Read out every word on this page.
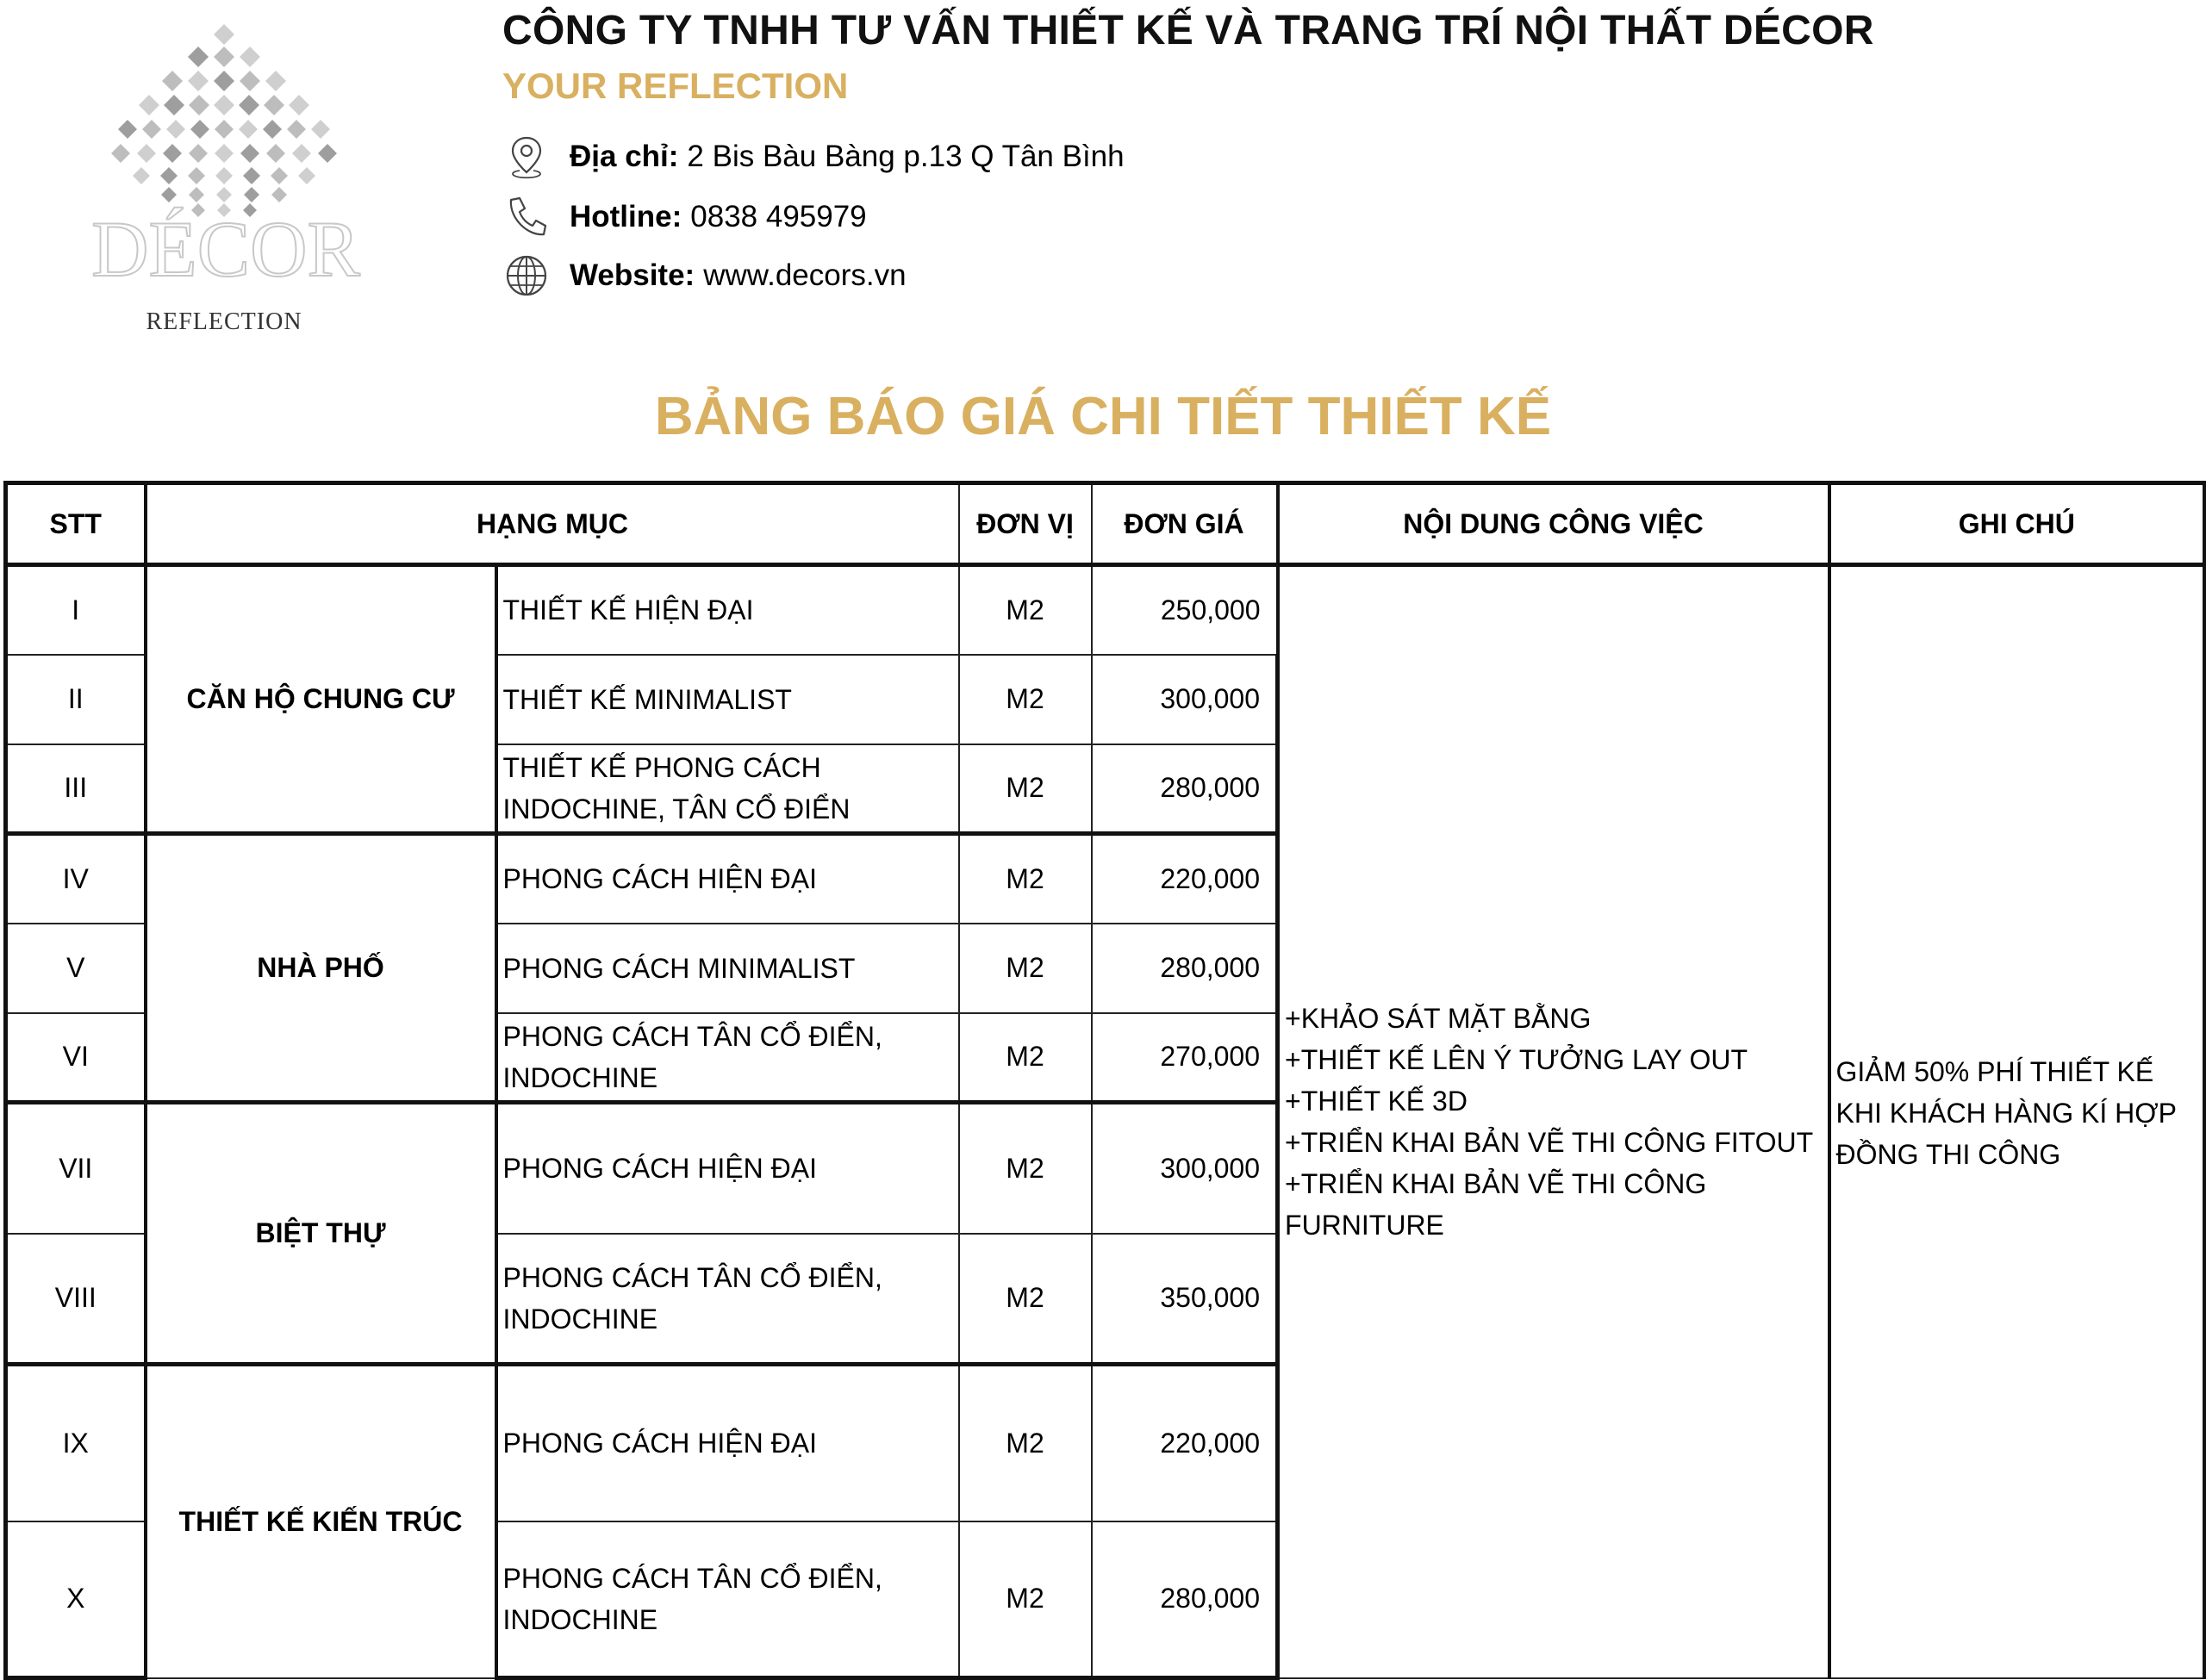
DÉCOR
REFLECTION
CÔNG TY TNHH TƯ VẤN THIẾT KẾ VÀ TRANG TRÍ NỘI THẤT DÉCOR
YOUR REFLECTION
Địa chỉ: 2 Bis Bàu Bàng p.13 Q Tân Bình
Hotline: 0838 495979
Website: www.decors.vn
BẢNG BÁO GIÁ CHI TIẾT THIẾT KẾ
STT	HẠNG MỤC		ĐƠN VỊ	ĐƠN GIÁ	NỘI DUNG CÔNG VIỆC	GHI CHÚ
I	CĂN HỘ CHUNG CƯ	THIẾT KẾ HIỆN ĐẠI	M2	250,000	+KHẢO SÁT MẶT BẰNG
+THIẾT KẾ LÊN Ý TƯỞNG LAY OUT
+THIẾT KẾ 3D
+TRIỂN KHAI BẢN VẼ THI CÔNG FITOUT
+TRIỂN KHAI BẢN VẼ THI CÔNG FURNITURE	GIẢM 50% PHÍ THIẾT KẾ KHI KHÁCH HÀNG KÍ HỢP ĐỒNG THI CÔNG

II		THIẾT KẾ MINIMALIST	M2	300,000		
III		THIẾT KẾ PHONG CÁCH INDOCHINE, TÂN CỔ ĐIỂN	M2	280,000		
IV	NHÀ PHỐ	PHONG CÁCH HIỆN ĐẠI	M2	220,000		
V		PHONG CÁCH MINIMALIST	M2	280,000		
VI		PHONG CÁCH TÂN CỔ ĐIỂN, INDOCHINE	M2	270,000		
VII	BIỆT THỰ	PHONG CÁCH HIỆN ĐẠI	M2	300,000		
VIII		PHONG CÁCH TÂN CỔ ĐIỂN, INDOCHINE	M2	350,000		
IX	THIẾT KẾ KIẾN TRÚC	PHONG CÁCH HIỆN ĐẠI	M2	220,000		
X		PHONG CÁCH TÂN CỔ ĐIỂN, INDOCHINE	M2	280,000		
